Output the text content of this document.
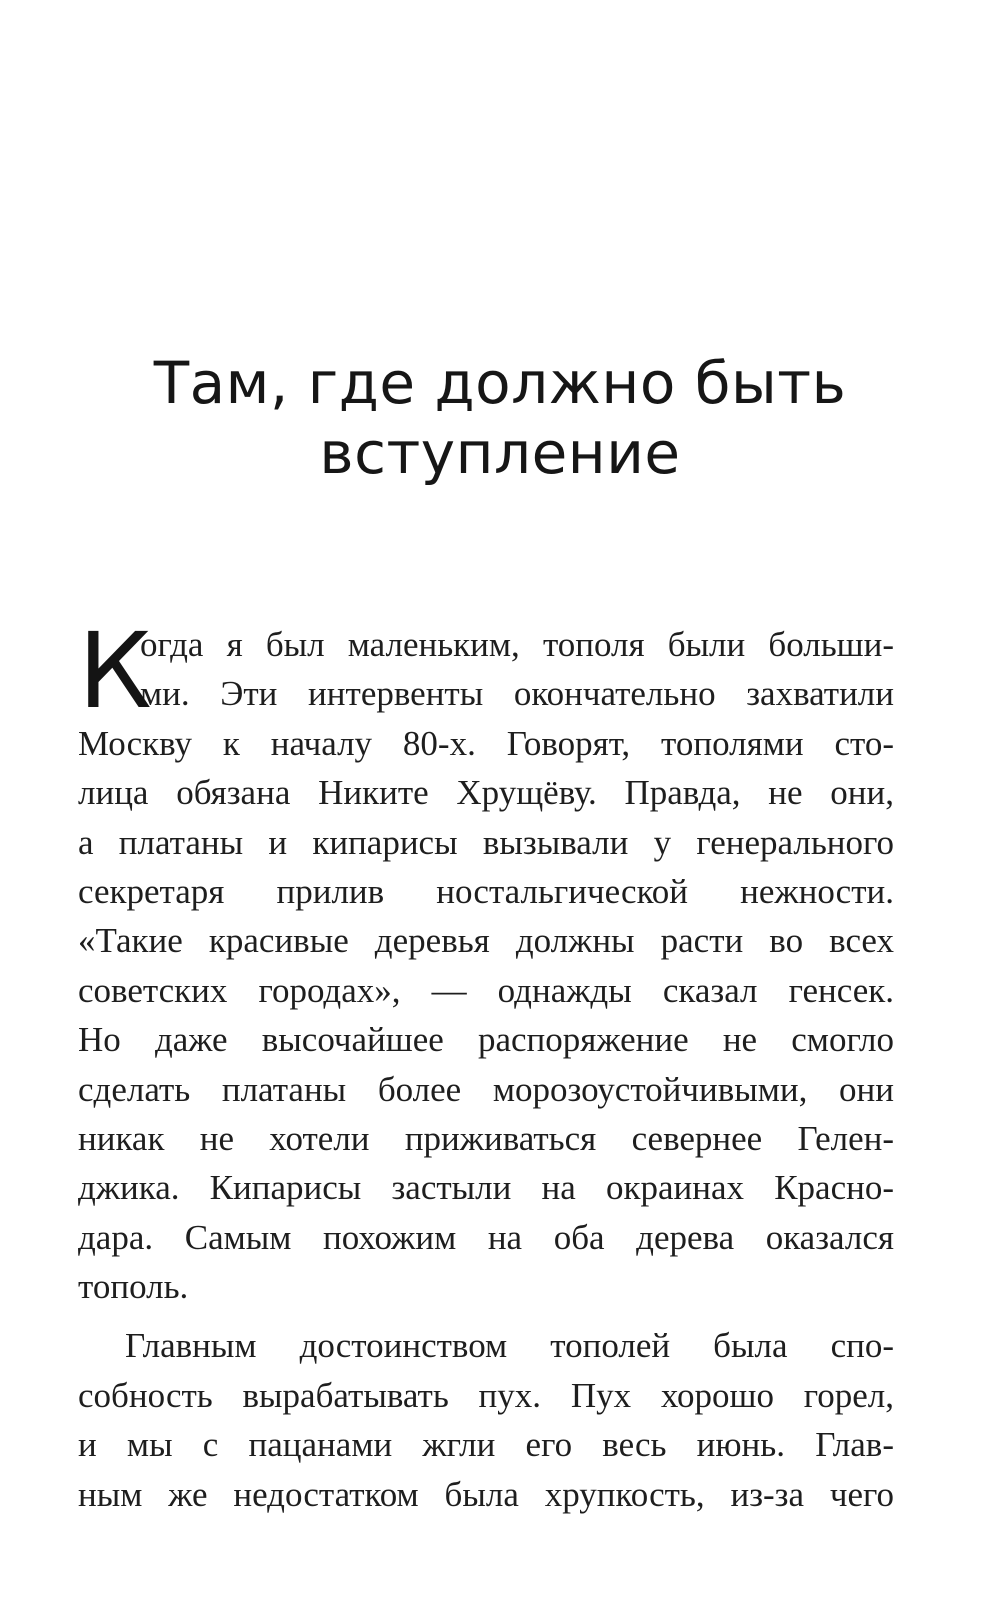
Там, где должно быть
вступление
К
огда я был маленьким, тополя были больши-
ми. Эти интервенты окончательно захватили
Москву к началу 80-х. Говорят, тополями сто-
лица обязана Никите Хрущёву. Правда, не они,
а платаны и кипарисы вызывали у генерального
секретаря прилив ностальгической нежности.
«Такие красивые деревья должны расти во всех
советских городах», — однажды сказал генсек.
Но даже высочайшее распоряжение не смогло
сделать платаны более морозоустойчивыми, они
никак не хотели приживаться севернее Гелен-
джика. Кипарисы застыли на окраинах Красно-
дара. Самым похожим на оба дерева оказался
тополь.
Главным достоинством тополей была спо-
собность вырабатывать пух. Пух хорошо горел,
и мы с пацанами жгли его весь июнь. Глав-
ным же недостатком была хрупкость, из-за чего
